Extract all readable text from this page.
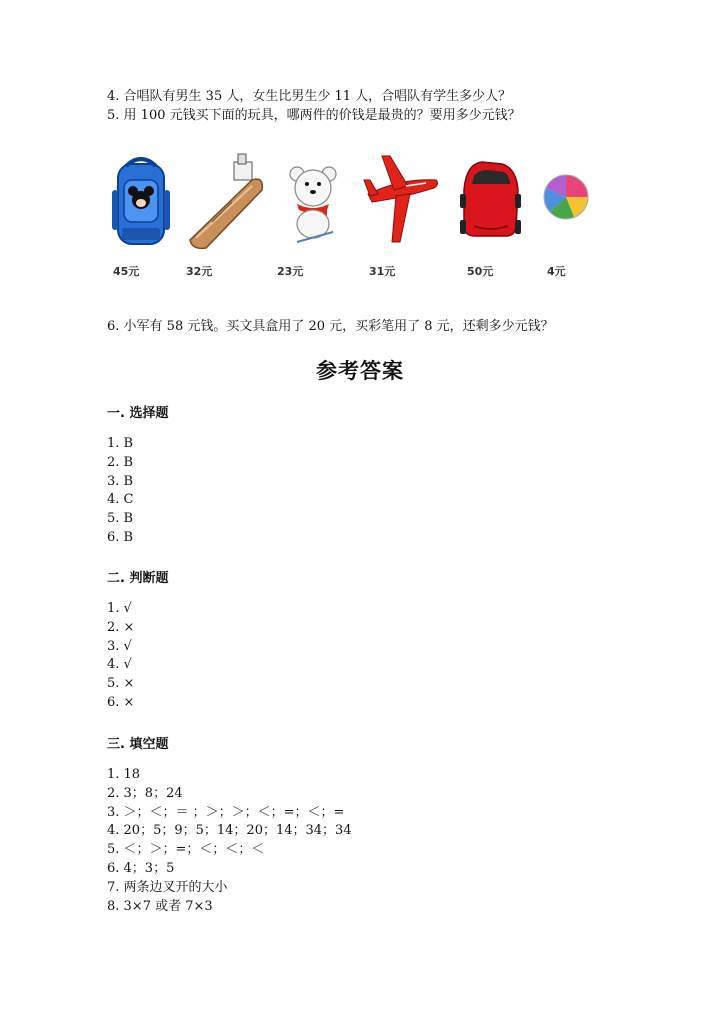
4. 合唱队有男生 35 人，女生比男生少 11 人，合唱队有学生多少人？
5. 用 100 元钱买下面的玩具，哪两件的价钱是最贵的？要用多少元钱？
45元	32元	23元	31元	50元	4元
6. 小军有 58 元钱。买文具盒用了 20 元，买彩笔用了 8 元，还剩多少元钱？
参考答案
一. 选择题
1. B
2. B
3. B
4. C
5. B
6. B
二. 判断题
1. √
2. ×
3. √
4. √
5. ×
6. ×
三. 填空题
1. 18
2. 3；8；24
3. ＞；＜；＝ ；＞；＞；＜；=；＜；=
4. 20；5；9；5；14；20；14；34；34
5. ＜；＞；=；＜；＜；＜
6. 4；3；5
7. 两条边叉开的大小
8. 3×7 或者 7×3
